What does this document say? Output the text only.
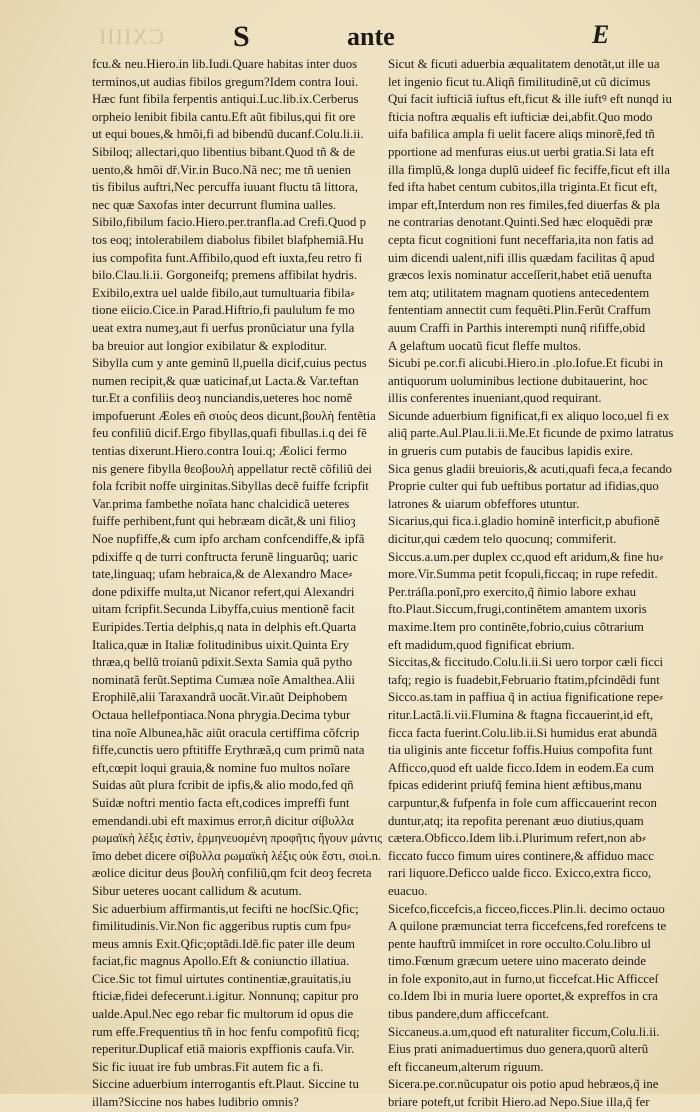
CXIIII S	ante	E
fcu.& neu.Hiero.in lib.Iudi.Quare habitas inter duos
terminos,ut audias fibilos gregum?Idem contra Ioui.
Hæc funt fibila ferpentis antiqui.Luc.lib.ix.Cerberus
orpheio lenibit fibila cantu.Eft aũt fibilus,qui fit ore
ut equi boues,& hmõi,fi ad bibendũ ducanf.Colu.li.ii.
Sibiloq; allectari,quo libentius bibant.Quod tñ & de
uento,& hmõi dř.Vir.in Buco.Nã nec; me tñ uenien
tis fibilus auftri,Nec percuffa iuuant fluctu tã littora,
nec quæ Saxofas inter decurrunt flumina ualles.
Sibilo,fibilum facio.Hiero.per.tranfla.ad Crefi.Quod p
tos eoq; intolerabilem diabolus fibilet blafphemiã.Hu
ius compofita funt.Affibilo,quod eft iuxta,feu retro fi
bilo.Clau.li.ii. Gorgoneifq; premens affibilat hydris.
Exibilo,extra uel ualde fibilo,aut tumultuaria fibila⸗
tione eiicio.Cice.in Parad.Hiftrio,fi paululum fe mo
ueat extra numeȝ,aut fi uerfus pronũciatur una fylla
ba breuior aut longior exibilatur & exploditur.
Sibylla cum y ante geminũ ll,puella dicif,cuius pectus
numen recipit,& quæ uaticinaf,ut Lacta.& Var.teftan
tur.Et a confiliis deoȝ nunciandis,ueteres hoc nomẽ
impofuerunt Æoles eñ σιοὺς deos dicunt,βουλὴ fentẽtia
feu confiliũ dicif.Ergo fibyllas,quafi fibullas.i.q dei fẽ
tentias dixerunt.Hiero.contra Ioui.q; Æolici fermo
nis genere fibylla θεοβουλὴ appellatur rectẽ cõfiliũ dei
fola fcribit noffe uirginitas.Sibyllas decẽ fuiffe fcripfit
Var.prima fambethe noĩata hanc chalcidicã ueteres
fuiffe perhibent,funt qui hebræam dicãt,& uni filioȝ
Noe nupfiffe,& cum ipfo archam confcendiffe,& ipfã
pdixiffe q de turri conftructa ferunẽ linguarũq; uaric
tate,linguaq; ufam hebraica,& de Alexandro Mace⸗
done pdixiffe multa,ut Nicanor refert,qui Alexandri
uitam fcripfit.Secunda Libyffa,cuius mentionẽ facit
Euripides.Tertia delphis,q nata in delphis eft.Quarta
Italica,quæ in Italiæ folitudinibus uixit.Quinta Ery
thræa,q bellũ troianũ pdixit.Sexta Samia quã pytho
nominatã ferũt.Septima Cumæa noĩe Amalthea.Alii
Erophilẽ,alii Taraxandrã uocãt.Vir.aũt Deiphobem
Octaua hellefpontiaca.Nona phrygia.Decima tybur
tina noĩe Albunea,hãc aiũt oracula certiffima cõfcrip
fiffe,cunctis uero pftitiffe Erythræã,q cum primũ nata
eft,cœpit loqui grauia,& nomine fuo multos noĩare
Suidas aũt plura fcribit de ipfis,& alio modo,fed qñ
Suidæ noftri mentio facta eft,codices impreffi funt
emendandi.ubi eft maximus error,ñ dicitur σίβυλλα
ρωμαϊκὴ λέξις ἐστὶν, ἑρμηνευομένη προφῆτις ἤγουν μάντις
ĩmo debet dicere σίβυλλα ρωμαϊκὴ λέξις οὐκ ἔστι, σιοὶ.n.
æolice dicitur deus βουλὴ confiliũ,qm fcit deoȝ fecreta
Sibur ueteres uocant callidum & acutum.
Sic aduerbium affirmantis,ut fecifti ne hocſSic.Qfic;
fimilitudinis.Vir.Non fic aggeribus ruptis cum fpu⸗
meus amnis Exit.Qfic;optãdi.Idẽ.fic pater ille deum
faciat,fic magnus Apollo.Eft & coniunctio illatiua.
Cice.Sic tot fimul uirtutes continentiæ,grauitatis,iu
fticiæ,fidei defecerunt.i.igitur. Nonnunq; capitur pro
ualde.Apul.Nec ego rebar fic multorum id opus die
rum effe.Frequentius tñ in hoc fenfu compofitũ ficq;
reperitur.Duplicaf etiã maioris expffionis caufa.Vir.
Sic fic iuuat ire fub umbras.Fit autem fic a fi.
Siccine aduerbium interrogantis eft.Plaut. Siccine tu
illam?Siccine nos habes ludibrio omnis?
Sicut & ficuti aduerbia æqualitatem denotãt,ut ille ua
let ingenio ficut tu.Aliqñ fimilitudinẽ,ut cũ dicimus
Qui facit iufticiã iuftus eft,ficut & ille iuftꝰ eft nunqd iu
fticia noftra æqualis eft iufticiæ dei,abfit.Quo modo
uifa bafilica ampla fi uelit facere aliqs minorẽ,fed tñ
pportione ad menfuras eius.ut uerbi gratia.Si lata eft
illa fimplũ,& longa duplũ uideef fic feciffe,ficut eft illa
fed ifta habet centum cubitos,illa triginta.Et ficut eft,
impar eft,Interdum non res fimiles,fed diuerfas & pla
ne contrarias denotant.Quinti.Sed hæc eloquẽdi præ
cepta ficut cognitioni funt neceffaria,ita non fatis ad
uim dicendi ualent,nifi illis quædam facilitas q̃ apud
græcos lexis nominatur acceſſerit,habet etiã uenufta
tem atq; utilitatem magnam quotiens antecedentem
fententiam annectit cum fequẽti.Plin.Ferũt Craffum
auum Craffi in Parthis interempti nunq̃ rififfe,obid
A gelaftum uocatũ ficut fleffe multos.
Sicubi pe.cor.fi alicubi.Hiero.in .plo.Iofue.Et ficubi in
antiquorum uoluminibus lectione dubitauerint, hoc
illis conferentes inueniant,quod requirant.
Sicunde aduerbium fignificat,fi ex aliquo loco,uel fi ex
aliq̃ parte.Aul.Plau.li.ii.Me.Et ficunde de pximo latratus
in grueris cum putabis de faucibus lapidis exire.
Sica genus gladii breuioris,& acuti,quafi feca,a fecando
Proprie culter qui fub ueftibus portatur ad ifidias,quo
latrones & uiarum obfeffores utuntur.
Sicarius,qui fica.i.gladio hominẽ interficit,p abufionẽ
dicitur,qui cædem telo quocunq; commiferit.
Siccus.a.um.per duplex cc,quod eft aridum,& fine hu⸗
more.Vir.Summa petit fcopuli,ficcaq; in rupe refedit.
Per.tráſla.ponĩ,pro exercito,q̃ ñimio labore exhau
fto.Plaut.Siccum,frugi,continẽtem amantem uxoris
maxime.Item pro continẽte,fobrio,cuius cõtrarium
eft madidum,quod fignificat ebrium.
Siccitas,& ficcitudo.Colu.li.ii.Si uero torpor cæli ficci
tafq; regio is fuadebit,Februario ftatim,pfcindẽdi funt
Sicco.as.tam in paffiua q̃ in actiua fignificatione repe⸗
ritur.Lactã.li.vii.Flumina & ftagna ficcauerint,id eft,
ficca facta fuerint.Colu.lib.ii.Si humidus erat abundã
tia uliginis ante ficcetur foffis.Huius compofita funt
Afficco,quod eft ualde ficco.Idem in eodem.Ea cum
fpicas ediderint priufq̃ femina hient æftibus,manu
carpuntur,& fufpenfa in fole cum afficcauerint recon
duntur,atq; ita repofita perenant æuo diutius,quam
cætera.Obficco.Idem lib.i.Plurimum refert,non ab⸗
ficcato fucco fimum uires continere,& affiduo macc
rari liquore.Deficco ualde ficco. Exicco,extra ficco,
euacuo.
Sicefco,ficcefcis,a ficceo,ficces.Plin.li. decimo octauo
A quilone præmunciat terra ficcefcens,fed rorefcens te
pente hauftrũ immiſcet in rore occulto.Colu.libro ul
timo.Fœnum græcum uetere uino macerato deinde
in fole exponito,aut in furno,ut ficcefcat.Hic Afficceſ
co.Idem Ibi in muria luere oportet,& expreffos in cra
tibus pandere,dum afficcefcant.
Siccaneus.a.um,quod eft naturaliter ficcum,Colu.li.ii.
Eius prati animaduertimus duo genera,quorũ alterũ
eft ficcaneum,alterum riguum.
Sicera.pe.cor.nũcupatur ois potio apud hebræos,q̃ ine
briare poteft,ut fcribit Hiero.ad Nepo.Siue illa,q̃ fer
